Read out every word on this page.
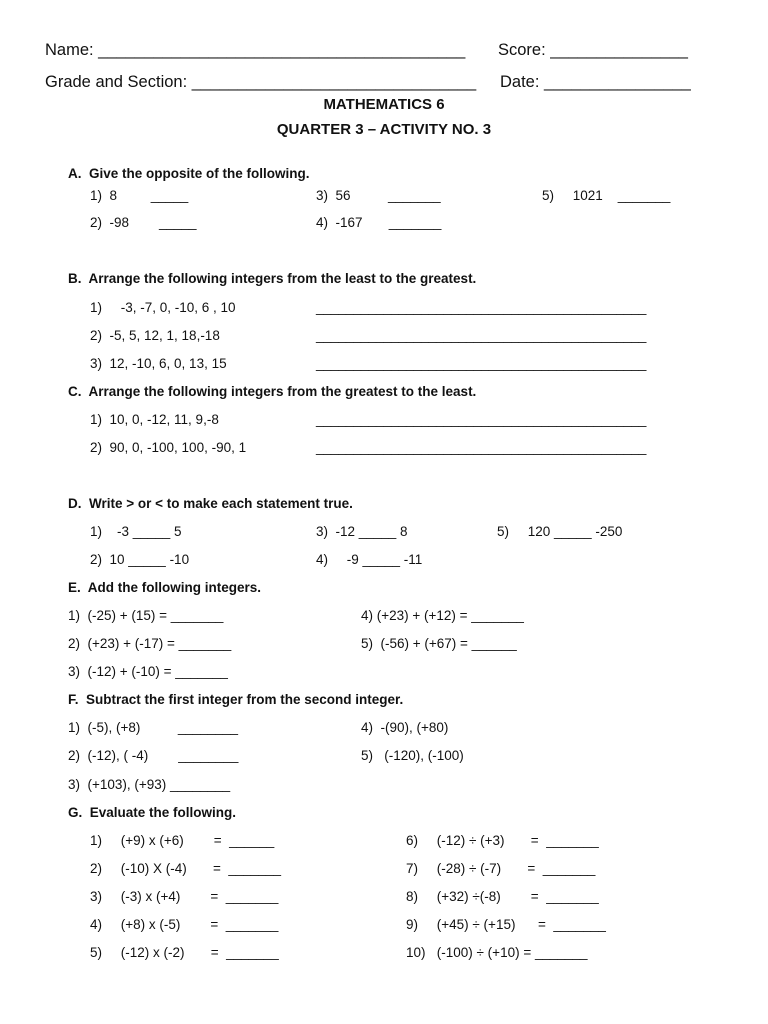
Name: ________________________________________ Score: _______________
Grade and Section: _______________________________ Date: ________________
MATHEMATICS 6
QUARTER 3 – ACTIVITY NO. 3
A.  Give the opposite of the following.
1)  8         _____
2)  -98        _____
3)  56          _______
4)  -167       _______
5)     1021    _______
B.  Arrange the following integers from the least to the greatest.
1)     -3, -7, 0, -10, 6 , 10	____________________________________________
2)  -5, 5, 12, 1, 18,-18	____________________________________________
3)  12, -10, 6, 0, 13, 15	____________________________________________
C.  Arrange the following integers from the greatest to the least.
1)  10, 0, -12, 11, 9,-8	____________________________________________
2)  90, 0, -100, 100, -90, 1	____________________________________________
D.  Write > or < to make each statement true.
1)    -3 _____ 5
2)  10 _____ -10
3)  -12 _____ 8
4)     -9 _____ -11
5)     120 _____ -250
E.  Add the following integers.
1)  (-25) + (15) = _______
2)  (+23) + (-17) = _______
3)  (-12) + (-10) = _______
4) (+23) + (+12) = _______
5)  (-56) + (+67) = ______
F.  Subtract the first integer from the second integer.
1)  (-5), (+8)          ________
2)  (-12), ( -4)        ________
3)  (+103), (+93) ________
4)  -(90), (+80)
5)   (-120), (-100)
G.  Evaluate the following.
1)     (+9) x (+6)        =  ______
2)     (-10) X (-4)       =  _______
3)     (-3) x (+4)        =  _______
4)     (+8) x (-5)        =  _______
5)     (-12) x (-2)       =  _______
6)     (-12) ÷ (+3)       =  _______
7)     (-28) ÷ (-7)       =  _______
8)     (+32) ÷(-8)        =  _______
9)     (+45) ÷ (+15)      =  _______
10)   (-100) ÷ (+10) = _______
